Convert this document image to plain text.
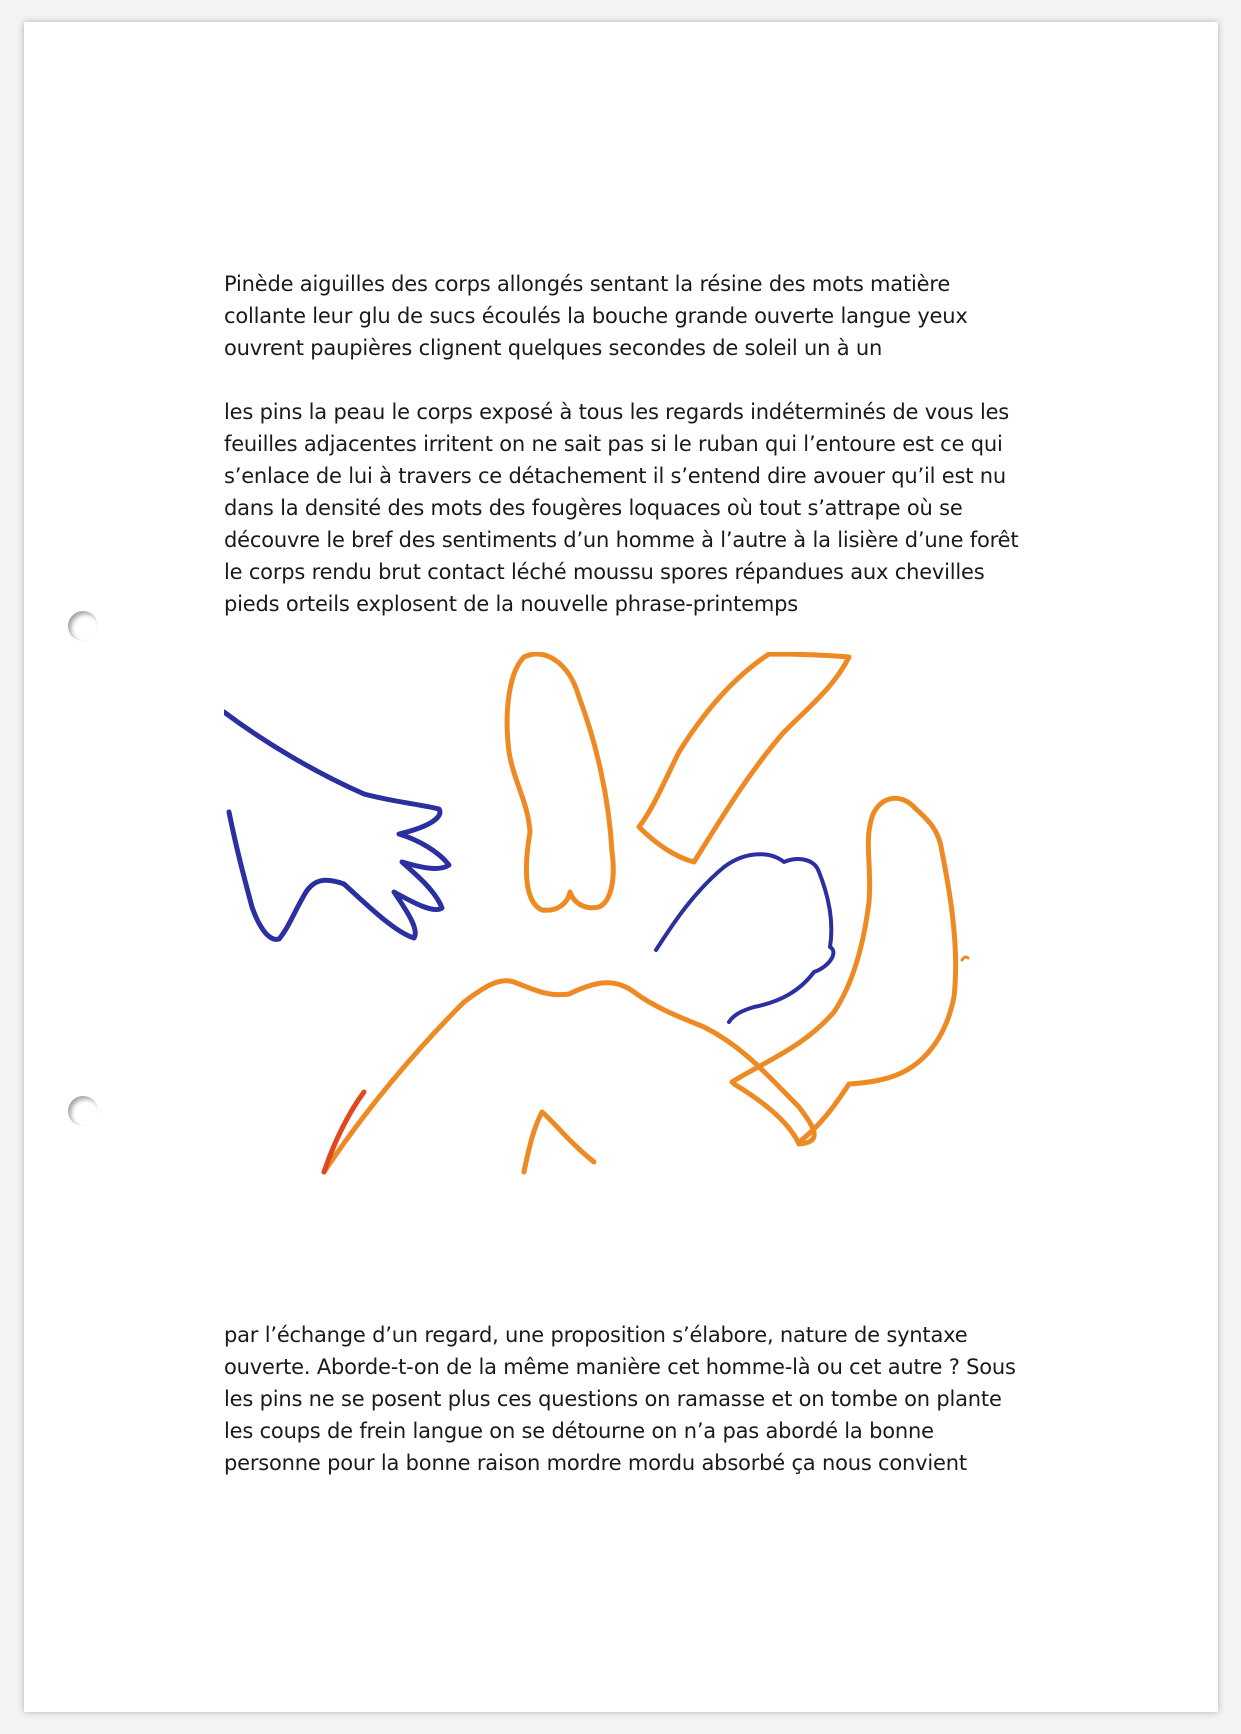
Pinède aiguilles des corps allongés sentant la résine des mots matière
collante leur glu de sucs écoulés la bouche grande ouverte langue yeux
ouvrent paupières clignent quelques secondes de soleil un à un

les pins la peau le corps exposé à tous les regards indéterminés de vous les
feuilles adjacentes irritent on ne sait pas si le ruban qui l’entoure est ce qui
s’enlace de lui à travers ce détachement il s’entend dire avouer qu’il est nu
dans la densité des mots des fougères loquaces où tout s’attrape où se
découvre le bref des sentiments d’un homme à l’autre à la lisière d’une forêt
le corps rendu brut contact léché moussu spores répandues aux chevilles
pieds orteils explosent de la nouvelle phrase-printemps

par l’échange d’un regard, une proposition s’élabore, nature de syntaxe
ouverte. Aborde-t-on de la même manière cet homme-là ou cet autre ? Sous
les pins ne se posent plus ces questions on ramasse et on tombe on plante
les coups de frein langue on se détourne on n’a pas abordé la bonne
personne pour la bonne raison mordre mordu absorbé ça nous convient
